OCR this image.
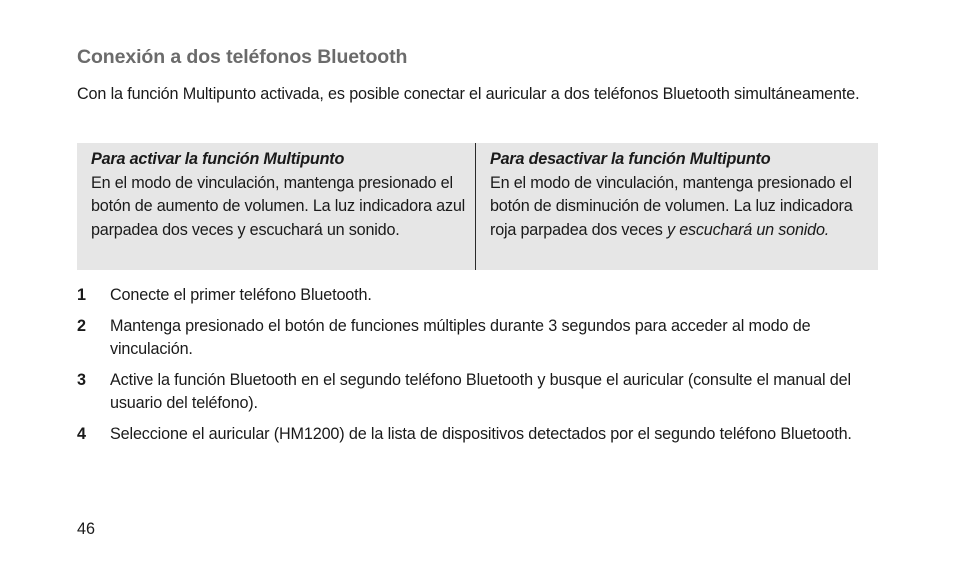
Conexión a dos teléfonos Bluetooth
Con la función Multipunto activada, es posible conectar el auricular a dos teléfonos Bluetooth simultáneamente.
Para activar la función Multipunto
En el modo de vinculación, mantenga presionado el botón de aumento de volumen. La luz indicadora azul parpadea dos veces y escuchará un sonido.
Para desactivar la función Multipunto
En el modo de vinculación, mantenga presionado el botón de disminución de volumen. La luz indicadora roja parpadea dos veces y escuchará un sonido.
1 Conecte el primer teléfono Bluetooth.
2 Mantenga presionado el botón de funciones múltiples durante 3 segundos para acceder al modo de vinculación.
3 Active la función Bluetooth en el segundo teléfono Bluetooth y busque el auricular (consulte el manual del usuario del teléfono).
4 Seleccione el auricular (HM1200) de la lista de dispositivos detectados por el segundo teléfono Bluetooth.
46
